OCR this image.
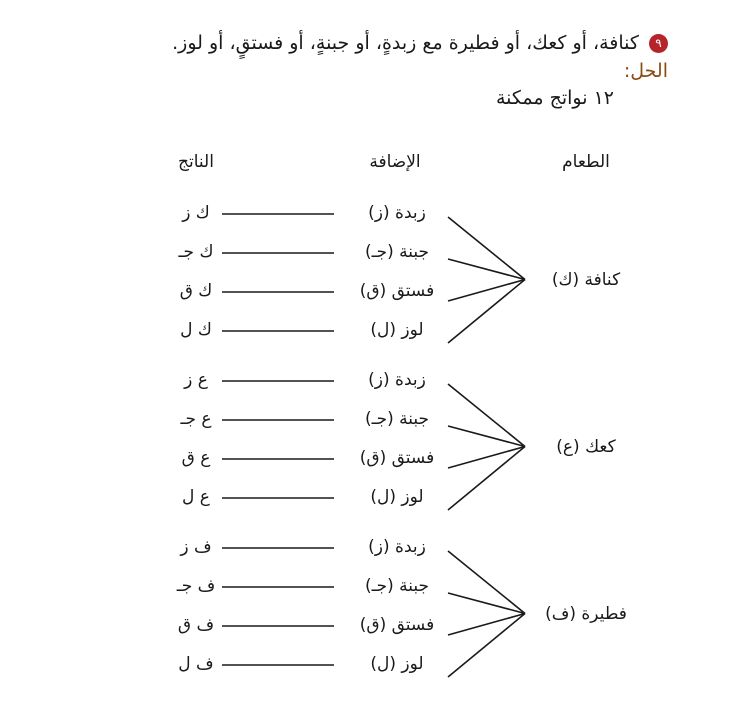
٩ كنافة، أو كعك، أو فطيرة مع زبدةٍ، أو جبنةٍ، أو فستقٍ، أو لوز.
الحل:
١٢ نواتج ممكنة
الطعام
الإضافة
الناتج
كنافة (ك)
زبدة (ز)
ك ز
جبنة (جـ)
ك جـ
فستق (ق)
ك ق
لوز (ل)
ك ل
كعك (ع)
زبدة (ز)
ع ز
جبنة (جـ)
ع جـ
فستق (ق)
ع ق
لوز (ل)
ع ل
فطيرة (ف)
زبدة (ز)
ف ز
جبنة (جـ)
ف جـ
فستق (ق)
ف ق
لوز (ل)
ف ل
